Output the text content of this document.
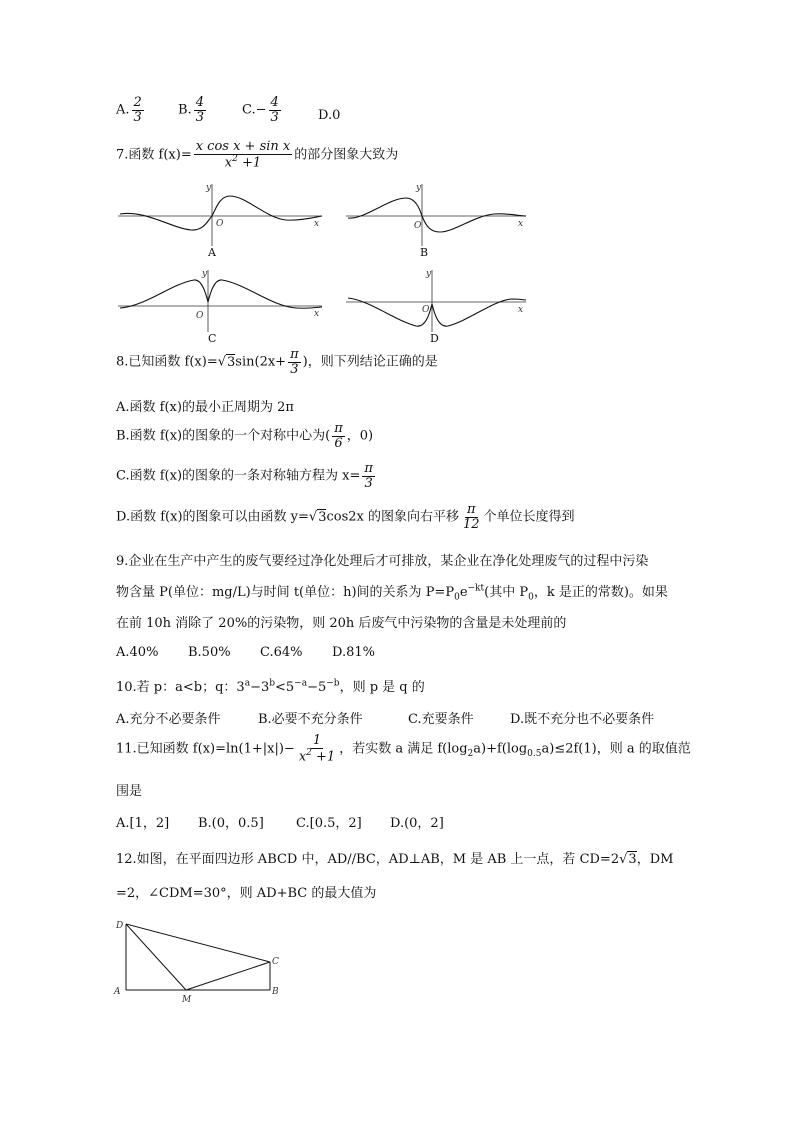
A. $\frac{2}{3}$	B. $\frac{4}{3}$	$C.- \frac{4}{3}$	D.0
7.函数 $f(x)= \frac{\text{x cos x + sin x}}{x^2 +1}$ 的部分图象大致为
y
O	x
A
y
O	x
B
y
O	x
C
y
O	x
D
8.已知函数 $f(x)=√3\sin(2x+ \frac{\pi}{3}$ )，则下列结论正确的是
A.函数 f(x)的最小正周期为 2π
B.函数 f(x)的图象的一个对称中心为( $\frac{\pi}{6}$ ，0)
C.函数 f(x)的图象的一条对称轴方程为 $x= \frac{\pi}{3}$
D.函数 f(x)的图象可以由函数 y=√3cos2x 的图象向右平移 $\frac{\pi}{12}$ 个单位长度得到
9.企业在生产中产生的废气要经过净化处理后才可排放，某企业在净化处理废气的过程中污染
物含量 P(单位：mg/L)与时间 t(单位：h)间的关系为 $P=P_0e^{-kt}$(其中 $P_0$，k 是正的常数)。如果
在前 10h 消除了 20%的污染物，则 20h 后废气中污染物的含量是未处理前的
A.40% B.50% C.64% D.81%
10.若 p：a<b；q：$3^a-3^b<5^{-a}-5^{-b}$，则 p 是 q 的
A.充分不必要条件	B.必要不充分条件	C.充要条件	D.既不充分也不必要条件
11.已知函数 $f(x)=\ln(1+|x|)- \frac{1}{x^2 +1}$ ，若实数 a 满足 $f(\log_2a)+f(\log_{0.5}a)\le 2f(1)$，则 a 的取值范
围是
A.[1，2] B.(0，0.5] C.[0.5，2] D.(0，2]
12.如图，在平面四边形 ABCD 中，AD//BC，AD⊥AB，M 是 AB 上一点，若 CD=2√3，DM
=2，∠CDM=30°，则 AD+BC 的最大值为
D
A
M
B
C
